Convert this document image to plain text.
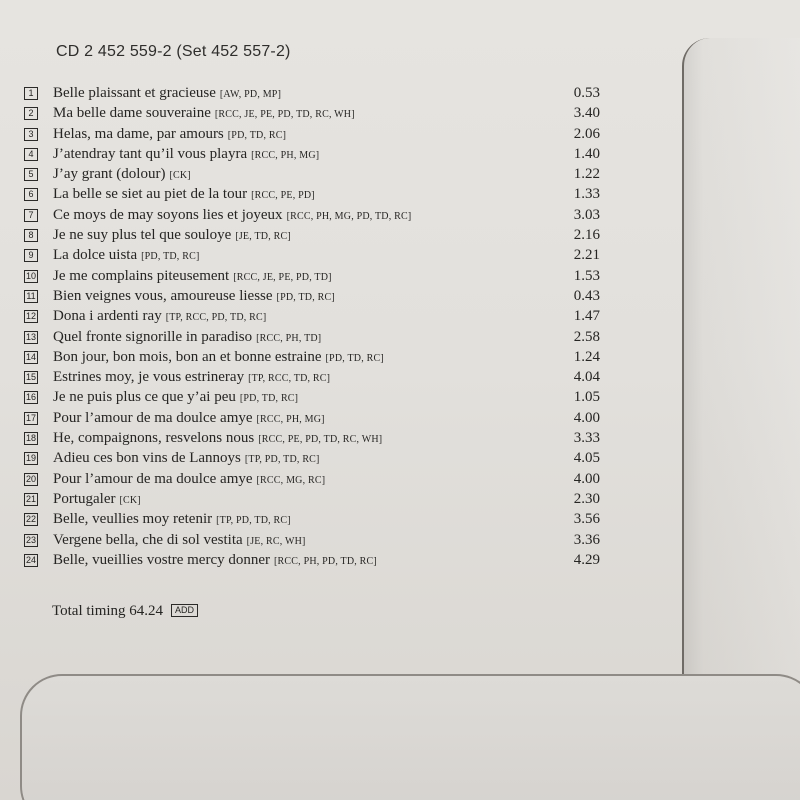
CD 2 452 559-2 (Set 452 557-2)
1	Belle plaissant et gracieuse [AW, PD, MP]	0.53
2	Ma belle dame souveraine [RCC, JE, PE, PD, TD, RC, WH]	3.40
3	Helas, ma dame, par amours [PD, TD, RC]	2.06
4	J’atendray tant qu’il vous playra [RCC, PH, MG]	1.40
5	J’ay grant (dolour) [CK]	1.22
6	La belle se siet au piet de la tour [RCC, PE, PD]	1.33
7	Ce moys de may soyons lies et joyeux [RCC, PH, MG, PD, TD, RC]	3.03
8	Je ne suy plus tel que souloye [JE, TD, RC]	2.16
9	La dolce uista [PD, TD, RC]	2.21
10 Je me complains piteusement [RCC, JE, PE, PD, TD]	1.53
11 Bien veignes vous, amoureuse liesse [PD, TD, RC]	0.43
12 Dona i ardenti ray [TP, RCC, PD, TD, RC]	1.47
13 Quel fronte signorille in paradiso [RCC, PH, TD]	2.58
14 Bon jour, bon mois, bon an et bonne estraine [PD, TD, RC]	1.24
15 Estrines moy, je vous estrineray [TP, RCC, TD, RC]	4.04
16 Je ne puis plus ce que y’ai peu [PD, TD, RC]	1.05
17 Pour l’amour de ma doulce amye [RCC, PH, MG]	4.00
18 He, compaignons, resvelons nous [RCC, PE, PD, TD, RC, WH]	3.33
19 Adieu ces bon vins de Lannoys [TP, PD, TD, RC]	4.05
20 Pour l’amour de ma doulce amye [RCC, MG, RC]	4.00
21 Portugaler [CK]	2.30
22 Belle, veullies moy retenir [TP, PD, TD, RC]	3.56
23 Vergene bella, che di sol vestita [JE, RC, WH]	3.36
24 Belle, vueillies vostre mercy donner [RCC, PH, PD, TD, RC]	4.29
Total timing 64.24 ADD
